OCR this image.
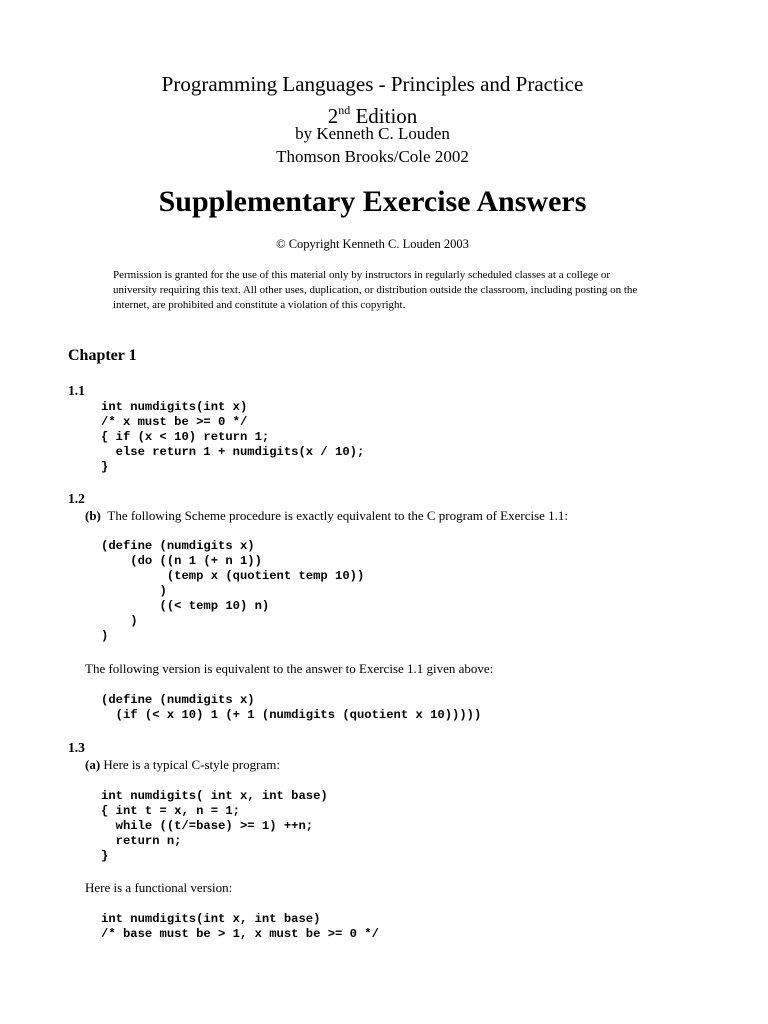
Programming Languages - Principles and Practice
2nd Edition
by Kenneth C. Louden
Thomson Brooks/Cole 2002
Supplementary Exercise Answers
© Copyright Kenneth C. Louden 2003
Permission is granted for the use of this material only by instructors in regularly scheduled classes at a college or university requiring this text. All other uses, duplication, or distribution outside the classroom, including posting on the internet, are prohibited and constitute a violation of this copyright.
Chapter 1
1.1
int numdigits(int x)
/* x must be >= 0 */
{ if (x < 10) return 1;
else return 1 + numdigits(x / 10);
}
1.2
(b) The following Scheme procedure is exactly equivalent to the C program of Exercise 1.1:
(define (numdigits x)
(do ((n 1 (+ n 1))
(temp x (quotient temp 10))
)
((< temp 10) n)
)
)
The following version is equivalent to the answer to Exercise 1.1 given above:
(define (numdigits x)
(if (< x 10) 1 (+ 1 (numdigits (quotient x 10)))))
1.3
(a) Here is a typical C-style program:
int numdigits( int x, int base)
{ int t = x, n = 1;
while ((t/=base) >= 1) ++n;
return n;
}
Here is a functional version:
int numdigits(int x, int base)
/* base must be > 1, x must be >= 0 */
